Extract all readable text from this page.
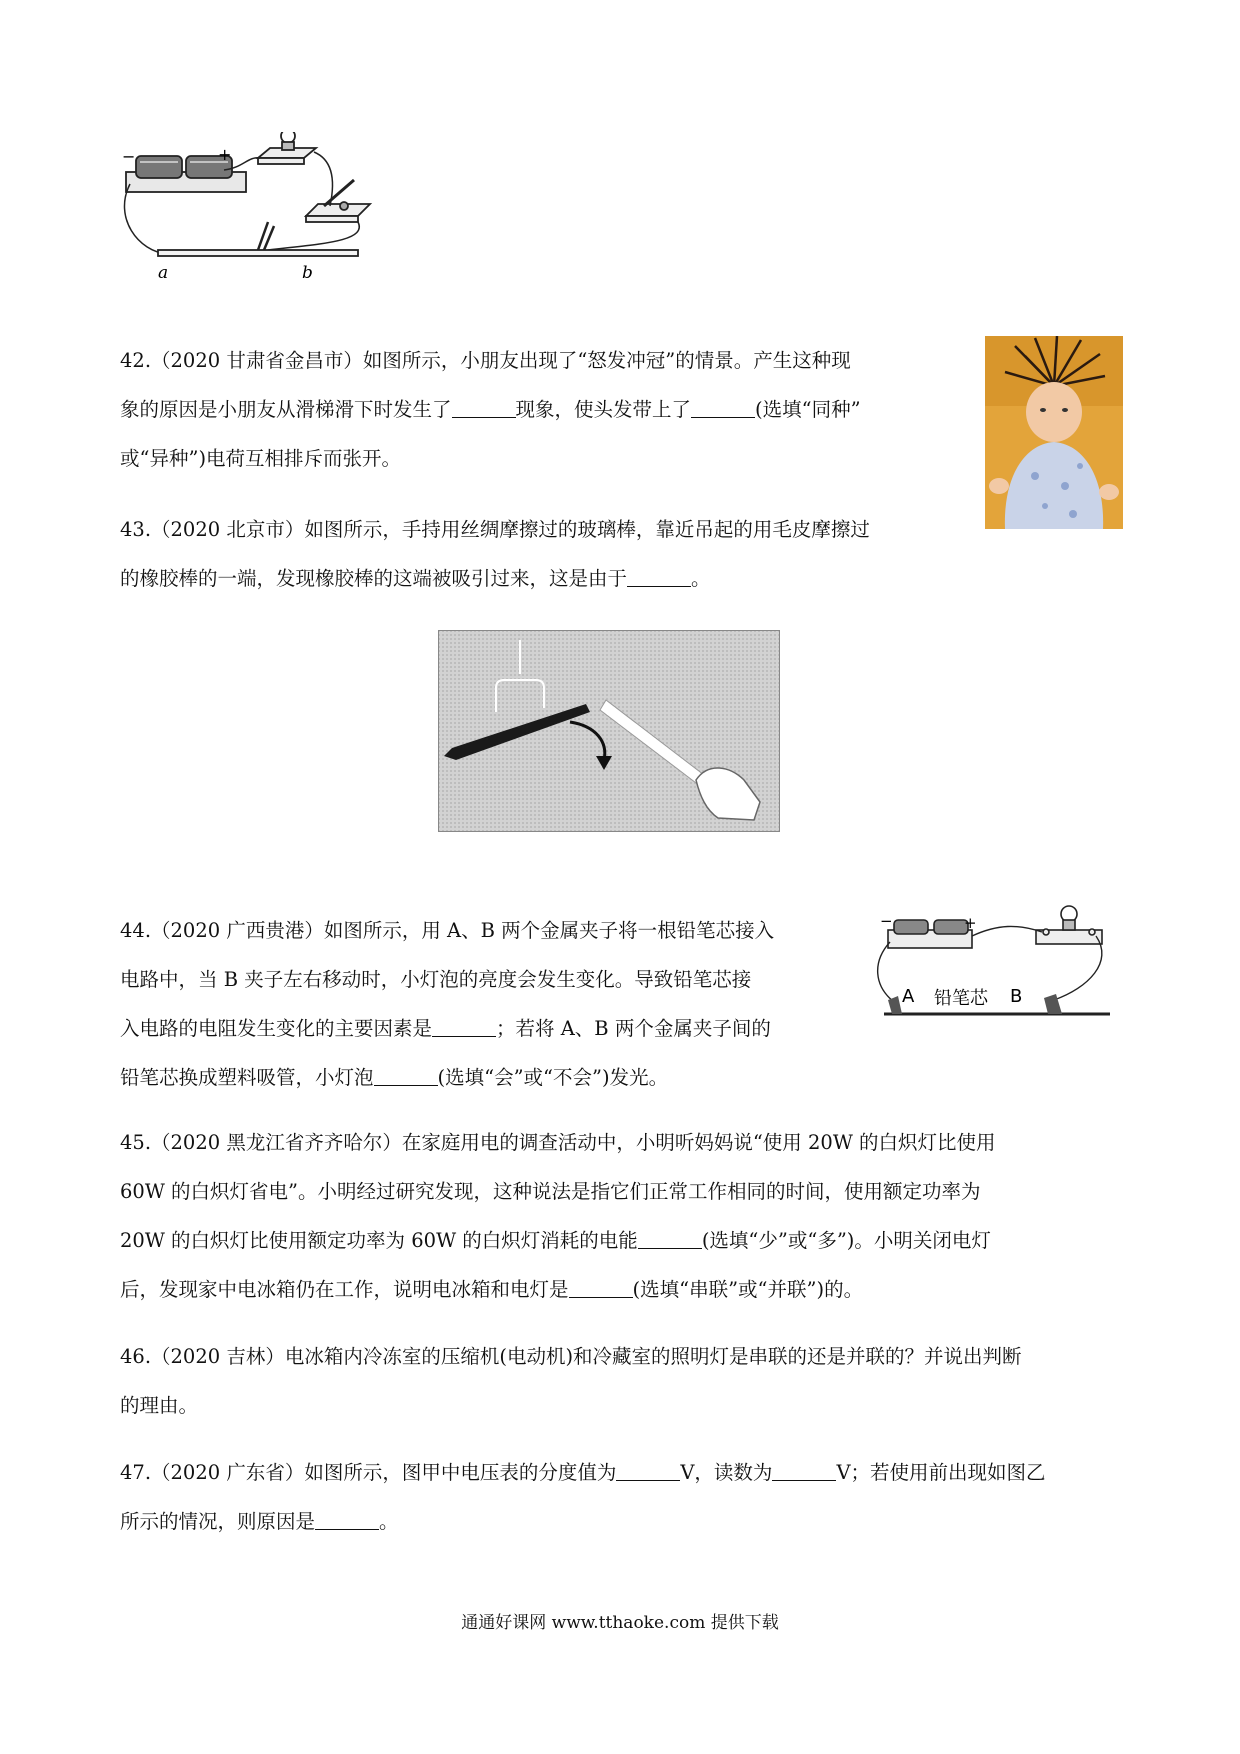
−	+
a	b
−	+
A 铅笔芯 B

42.（2020 甘肃省金昌市）如图所示，小朋友出现了“怒发冲冠”的情景。产生这种现
象的原因是小朋友从滑梯滑下时发生了	现象，使头发带上了	(选填“同种”
或“异种”)电荷互相排斥而张开。

43.（2020 北京市）如图所示，手持用丝绸摩擦过的玻璃棒，靠近吊起的用毛皮摩擦过
的橡胶棒的一端，发现橡胶棒的这端被吸引过来，这是由于	。

44.（2020 广西贵港）如图所示，用 A、B 两个金属夹子将一根铅笔芯接入
电路中，当 B 夹子左右移动时，小灯泡的亮度会发生变化。导致铅笔芯接
入电路的电阻发生变化的主要因素是	；若将 A、B 两个金属夹子间的
铅笔芯换成塑料吸管，小灯泡	(选填“会”或“不会”)发光。

45.（2020 黑龙江省齐齐哈尔）在家庭用电的调查活动中，小明听妈妈说“使用 20W 的白炽灯比使用
60W 的白炽灯省电”。小明经过研究发现，这种说法是指它们正常工作相同的时间，使用额定功率为
20W 的白炽灯比使用额定功率为 60W 的白炽灯消耗的电能	(选填“少”或“多”)。小明关闭电灯
后，发现家中电冰箱仍在工作，说明电冰箱和电灯是	(选填“串联”或“并联”)的。

46.（2020 吉林）电冰箱内冷冻室的压缩机(电动机)和冷藏室的照明灯是串联的还是并联的？并说出判断
的理由。

47.（2020 广东省）如图所示，图甲中电压表的分度值为	V，读数为	V；若使用前出现如图乙
所示的情况，则原因是	。

通通好课网 www.tthaoke.com 提供下载
